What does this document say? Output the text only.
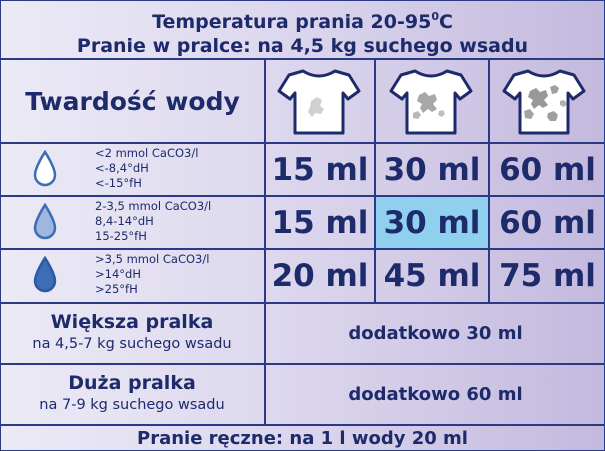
Temperatura prania $20-95^0C$
Pranie w pralce: na 4,5 kg suchego wsadu
Twardość wody
<2 mmol CaCO3/l
<-8,4°dH
<-15°fH	15 ml 30 ml 60 ml
2-3,5 mmol CaCO3/l
8,4-14°dH
15-25°fH	15 ml 30 ml 60 ml
>3,5 mmol CaCO3/l
>14°dH
>25°fH	20 ml 45 ml 75 ml
Większa pralka
na 4,5-7 kg suchego wsadu	dodatkowo 30 ml
Duża pralka
na 7-9 kg suchego wsadu	dodatkowo 60 ml
Pranie ręczne: na 1 l wody 20 ml
